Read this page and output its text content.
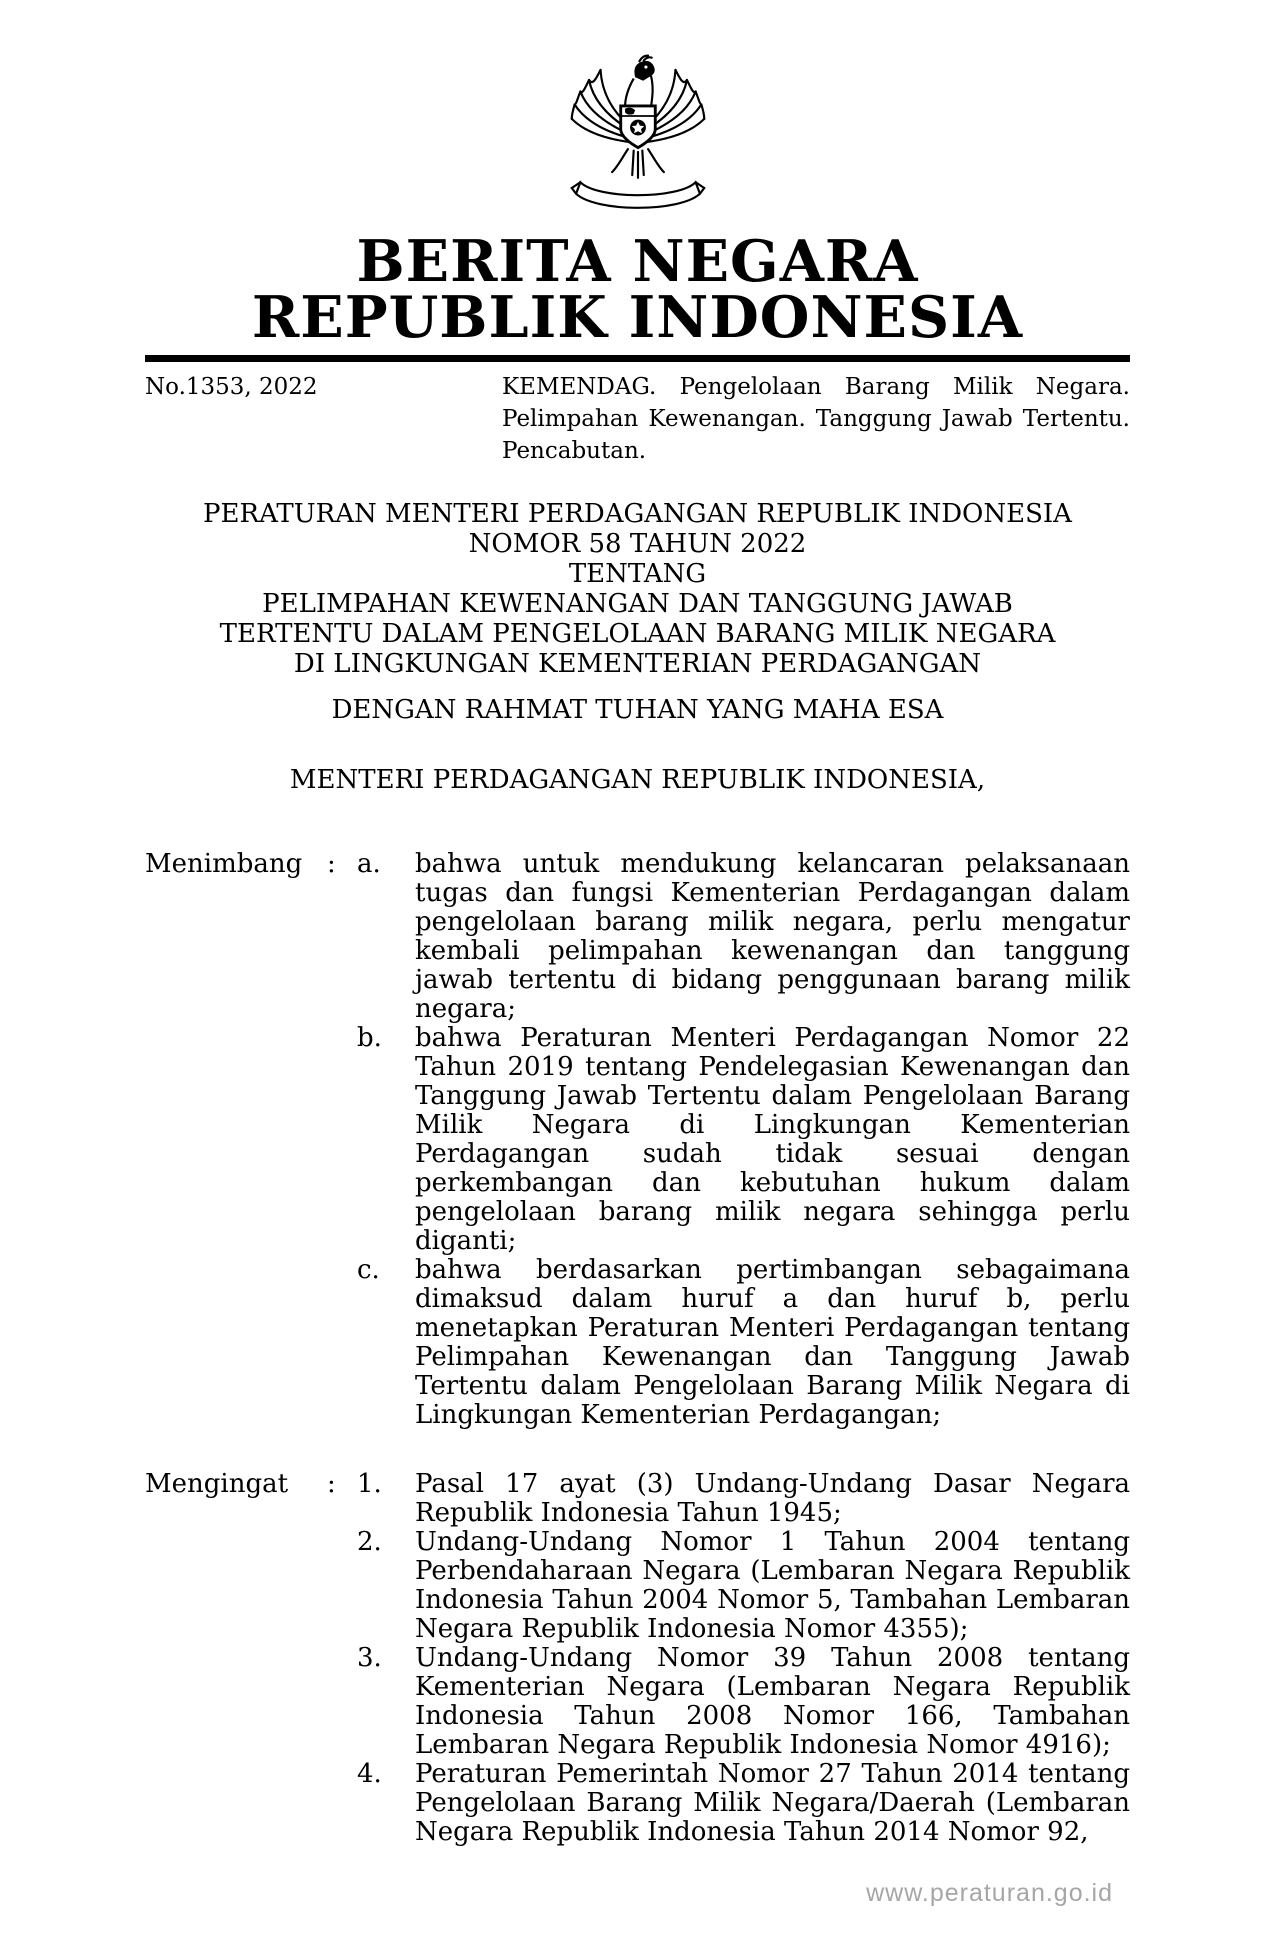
BERITA NEGARA
REPUBLIK INDONESIA
No.1353, 2022	KEMENDAG. Pengelolaan Barang Milik Negara. Pelimpahan Kewenangan. Tanggung Jawab Tertentu. Pencabutan.
PERATURAN MENTERI PERDAGANGAN REPUBLIK INDONESIA
NOMOR 58 TAHUN 2022
TENTANG
PELIMPAHAN KEWENANGAN DAN TANGGUNG JAWAB
TERTENTU DALAM PENGELOLAAN BARANG MILIK NEGARA
DI LINGKUNGAN KEMENTERIAN PERDAGANGAN
DENGAN RAHMAT TUHAN YANG MAHA ESA
MENTERI PERDAGANGAN REPUBLIK INDONESIA,
Menimbang : a.	bahwa untuk mendukung kelancaran pelaksanaan tugas dan fungsi Kementerian Perdagangan dalam pengelolaan barang milik negara, perlu mengatur kembali pelimpahan kewenangan dan tanggung jawab tertentu di bidang penggunaan barang milik negara;
b.	bahwa Peraturan Menteri Perdagangan Nomor 22 Tahun 2019 tentang Pendelegasian Kewenangan dan Tanggung Jawab Tertentu dalam Pengelolaan Barang Milik Negara di Lingkungan Kementerian Perdagangan sudah tidak sesuai dengan perkembangan dan kebutuhan hukum dalam pengelolaan barang milik negara sehingga perlu diganti;
c.	bahwa berdasarkan pertimbangan sebagaimana dimaksud dalam huruf a dan huruf b, perlu menetapkan Peraturan Menteri Perdagangan tentang Pelimpahan Kewenangan dan Tanggung Jawab Tertentu dalam Pengelolaan Barang Milik Negara di Lingkungan Kementerian Perdagangan;
Mengingat	: 1.	Pasal 17 ayat (3) Undang-Undang Dasar Negara Republik Indonesia Tahun 1945;
2.	Undang-Undang Nomor 1 Tahun 2004 tentang Perbendaharaan Negara (Lembaran Negara Republik Indonesia Tahun 2004 Nomor 5, Tambahan Lembaran Negara Republik Indonesia Nomor 4355);
3.	Undang-Undang Nomor 39 Tahun 2008 tentang Kementerian Negara (Lembaran Negara Republik Indonesia Tahun 2008 Nomor 166, Tambahan Lembaran Negara Republik Indonesia Nomor 4916);
4.	Peraturan Pemerintah Nomor 27 Tahun 2014 tentang Pengelolaan Barang Milik Negara/Daerah (Lembaran Negara Republik Indonesia Tahun 2014 Nomor 92,
www.peraturan.go.id
